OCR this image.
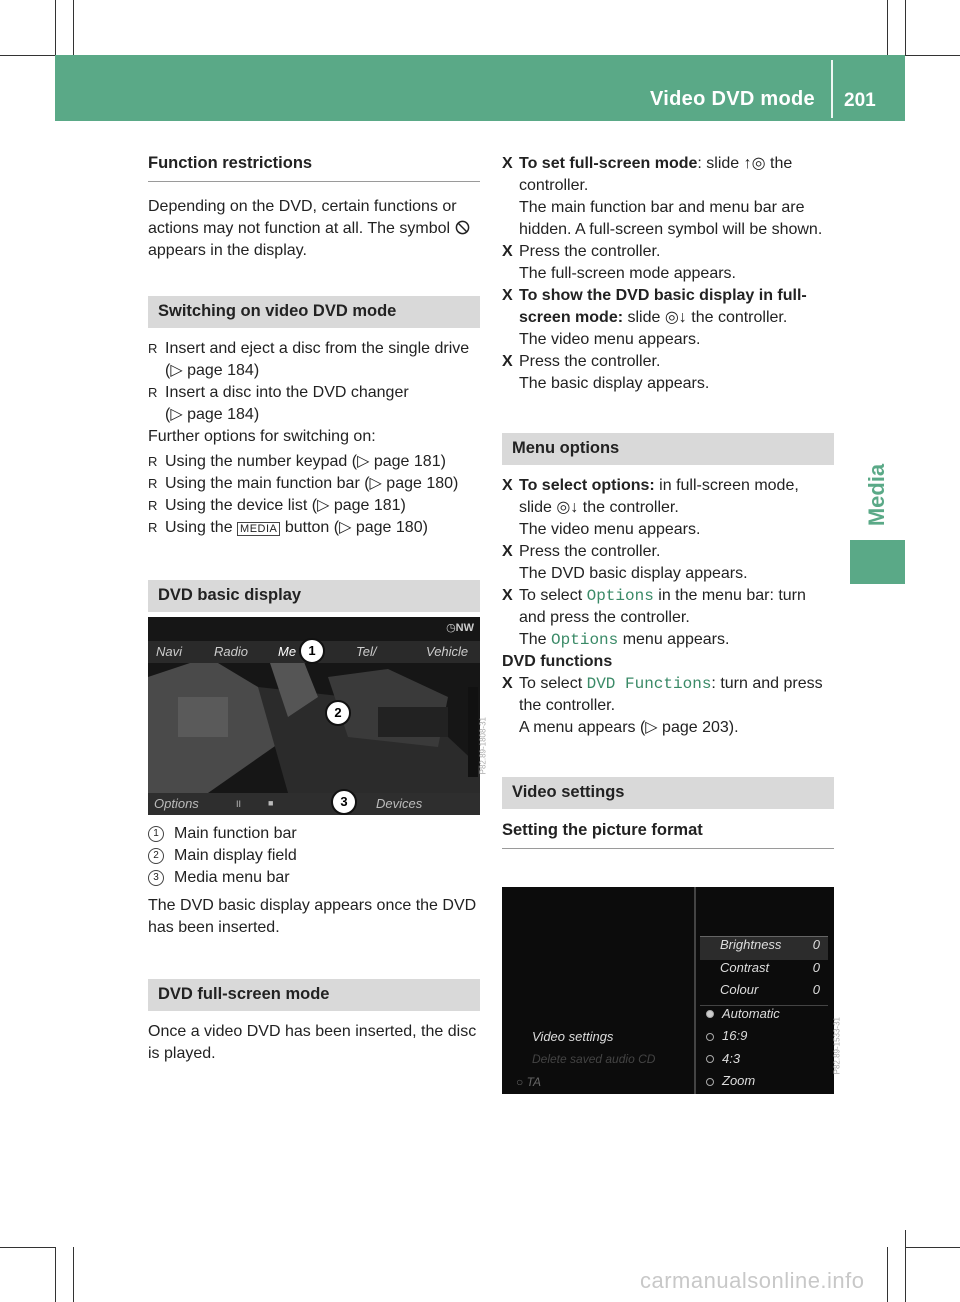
Video DVD mode 201
Media
Function restrictions

Depending on the DVD, certain functions or actions may not function at all. The symbol  appears in the display.

Switching on video DVD mode

R Insert and eject a disc from the single drive
(▷ page 184)

R Insert a disc into the DVD changer
(▷ page 184)

Further options for switching on:

R Using the number keypad (▷ page 181)

R Using the main function bar (▷ page 180)

R Using the device list (▷ page 181)

R Using the MEDIA button (▷ page 180)

DVD basic display
◷NW
Navi Radio Me	Tel/	Vehicle
Options	II	■	Devices
P82.89-1808-31
1
2
3

1 Main function bar

2 Main display field

3 Media menu bar

The DVD basic display appears once the DVD has been inserted.

DVD full-screen mode

Once a video DVD has been inserted, the disc is played.

X To set full-screen mode: slide ↑◎ the controller.
The main function bar and menu bar are hidden. A full-screen symbol will be shown.

X Press the controller.
The full-screen mode appears.

X To show the DVD basic display in full-screen mode: slide ◎↓ the controller.
The video menu appears.

X Press the controller.
The basic display appears.

Menu options

X To select options: in full-screen mode, slide ◎↓ the controller.
The video menu appears.

X Press the controller.
The DVD basic display appears.

X To select Options in the menu bar: turn and press the controller.
The Options menu appears.

DVD functions

X To select DVD Functions: turn and press the controller.
A menu appears (▷ page 203).

Video settings
Setting the picture format
Video settings
Delete saved audio CD
○ TA
Brightness 0
Contrast	0
Colour	0
Automatic
16:9
4:3
Zoom
P82.89-1533-31
carmanualsonline.info
